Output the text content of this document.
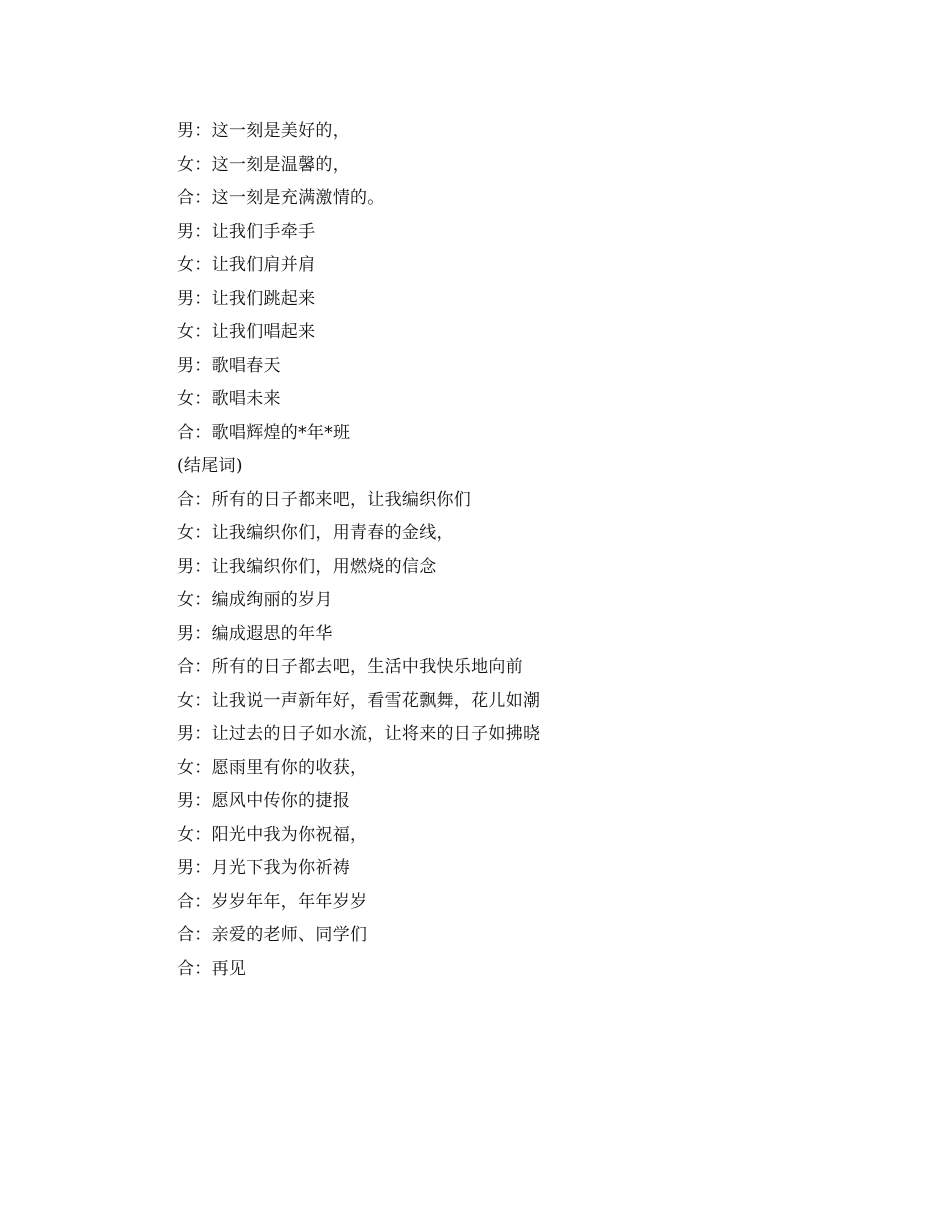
男：这一刻是美好的，
女：这一刻是温馨的，
合：这一刻是充满激情的。
男：让我们手牵手
女：让我们肩并肩
男：让我们跳起来
女：让我们唱起来
男：歌唱春天
女：歌唱未来
合：歌唱辉煌的*年*班
(结尾词)
合：所有的日子都来吧，让我编织你们
女：让我编织你们，用青春的金线，
男：让我编织你们，用燃烧的信念
女：编成绚丽的岁月
男：编成遐思的年华
合：所有的日子都去吧，生活中我快乐地向前
女：让我说一声新年好，看雪花飘舞，花儿如潮
男：让过去的日子如水流，让将来的日子如拂晓
女：愿雨里有你的收获，
男：愿风中传你的捷报
女：阳光中我为你祝福，
男：月光下我为你祈祷
合：岁岁年年，年年岁岁
合：亲爱的老师、同学们
合：再见
